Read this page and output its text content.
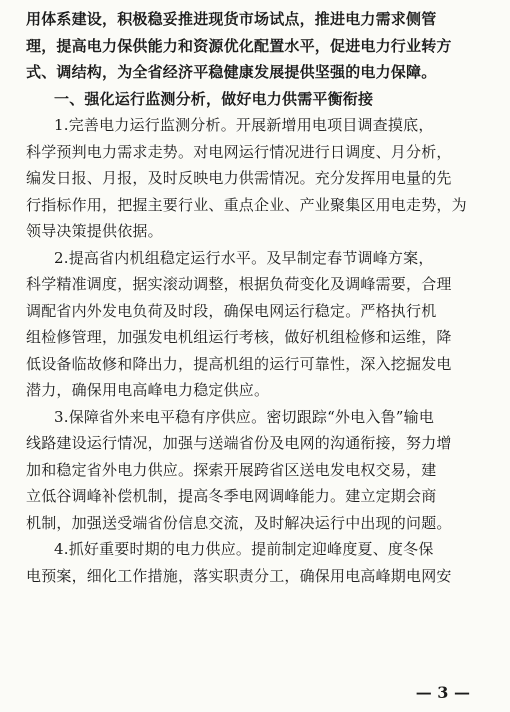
用体系建设，积极稳妥推进现货市场试点，推进电力需求侧管
理，提高电力保供能力和资源优化配置水平，促进电力行业转方
式、调结构，为全省经济平稳健康发展提供坚强的电力保障。
一、强化运行监测分析，做好电力供需平衡衔接
1.完善电力运行监测分析。开展新增用电项目调查摸底，
科学预判电力需求走势。对电网运行情况进行日调度、月分析，
编发日报、月报，及时反映电力供需情况。充分发挥用电量的先
行指标作用，把握主要行业、重点企业、产业聚集区用电走势，为
领导决策提供依据。
2.提高省内机组稳定运行水平。及早制定春节调峰方案，
科学精准调度，据实滚动调整，根据负荷变化及调峰需要，合理
调配省内外发电负荷及时段，确保电网运行稳定。严格执行机
组检修管理，加强发电机组运行考核，做好机组检修和运维，降
低设备临故修和降出力，提高机组的运行可靠性，深入挖掘发电
潜力，确保用电高峰电力稳定供应。
3.保障省外来电平稳有序供应。密切跟踪“外电入鲁”输电
线路建设运行情况，加强与送端省份及电网的沟通衔接，努力增
加和稳定省外电力供应。探索开展跨省区送电发电权交易，建
立低谷调峰补偿机制，提高冬季电网调峰能力。建立定期会商
机制，加强送受端省份信息交流，及时解决运行中出现的问题。
4.抓好重要时期的电力供应。提前制定迎峰度夏、度冬保
电预案，细化工作措施，落实职责分工，确保用电高峰期电网安
— 3 —
